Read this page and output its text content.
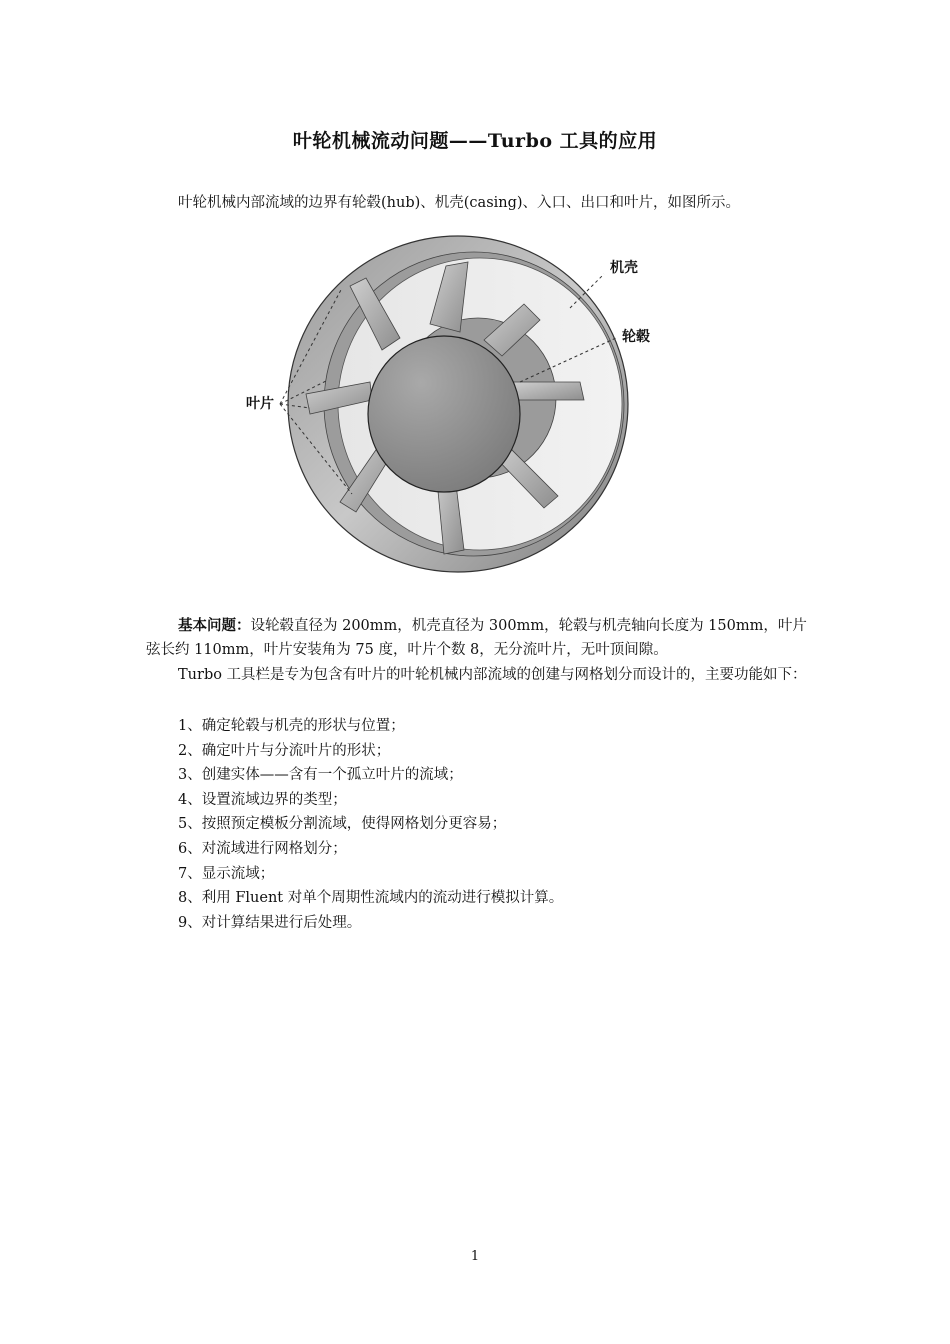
叶轮机械流动问题——Turbo 工具的应用
叶轮机械内部流域的边界有轮毂(hub)、机壳(casing)、入口、出口和叶片，如图所示。
机壳
轮毂
叶片
基本问题：设轮毂直径为 200mm，机壳直径为 300mm，轮毂与机壳轴向长度为 150mm，叶片弦长约 110mm，叶片安装角为 75 度，叶片个数 8，无分流叶片，无叶顶间隙。
Turbo 工具栏是专为包含有叶片的叶轮机械内部流域的创建与网格划分而设计的，主要功能如下：
1、确定轮毂与机壳的形状与位置；
2、确定叶片与分流叶片的形状；
3、创建实体——含有一个孤立叶片的流域；
4、设置流域边界的类型；
5、按照预定模板分割流域，使得网格划分更容易；
6、对流域进行网格划分；
7、显示流域；
8、利用 Fluent 对单个周期性流域内的流动进行模拟计算。
9、对计算结果进行后处理。
1
